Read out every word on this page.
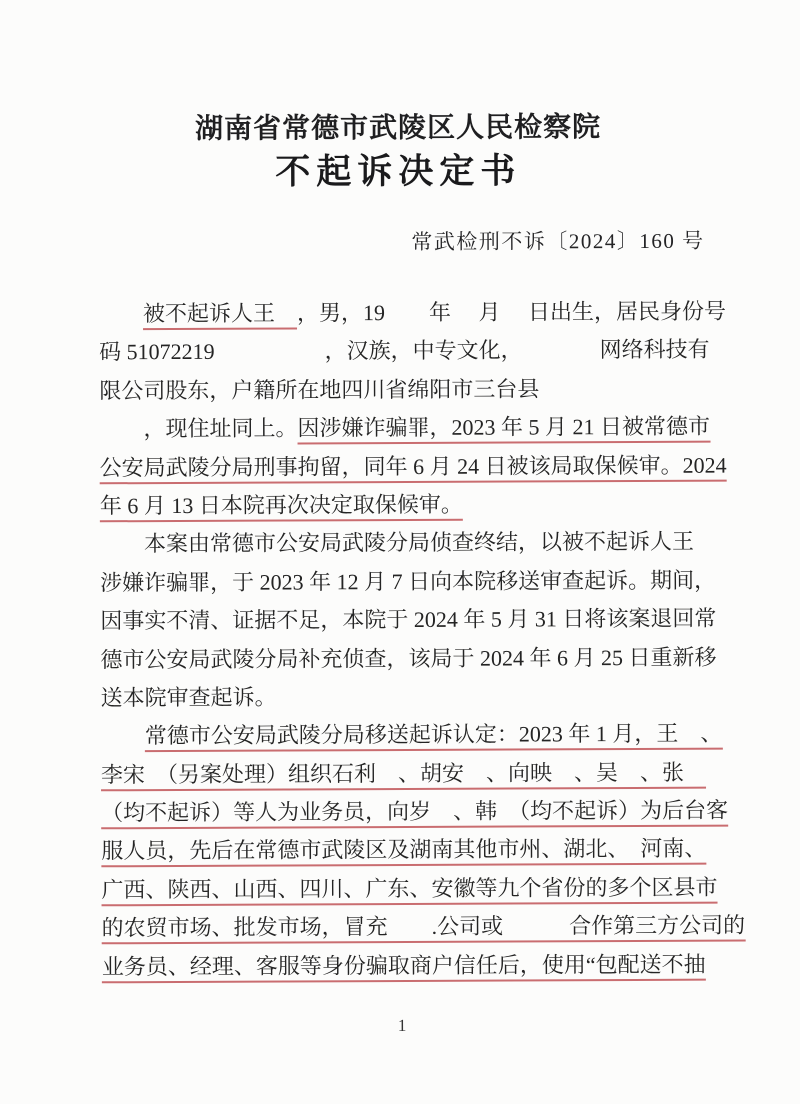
湖南省常德市武陵区人民检察院
不起诉决定书
常武检刑不诉〔2024〕160 号
　　被不起诉人王　，男，19　　年　 月　 日出生，居民身份号
码 51072219　　　　　，汉族，中专文化，　　　　网络科技有
限公司股东，户籍所在地四川省绵阳市三台县
　　，现住址同上。因涉嫌诈骗罪，2023 年 5 月 21 日被常德市
公安局武陵分局刑事拘留，同年 6 月 24 日被该局取保候审。2024
年 6 月 13 日本院再次决定取保候审。
　　本案由常德市公安局武陵分局侦查终结，以被不起诉人王
涉嫌诈骗罪，于 2023 年 12 月 7 日向本院移送审查起诉。期间，
因事实不清、证据不足，本院于 2024 年 5 月 31 日将该案退回常
德市公安局武陵分局补充侦查，该局于 2024 年 6 月 25 日重新移
送本院审查起诉。
　　常德市公安局武陵分局移送起诉认定：2023 年 1 月，王　、
李宋　（另案处理）组织石利　、胡安　、向映　、吴　、张　
（均不起诉）等人为业务员，向岁　、韩　（均不起诉）为后台客
服人员，先后在常德市武陵区及湖南其他市州、湖北、　河南、
广西、陕西、山西、四川、广东、安徽等九个省份的多个区县市
的农贸市场、批发市场，冒充　　.公司或　　　合作第三方公司的
业务员、经理、客服等身份骗取商户信任后，使用“包配送不抽
1
